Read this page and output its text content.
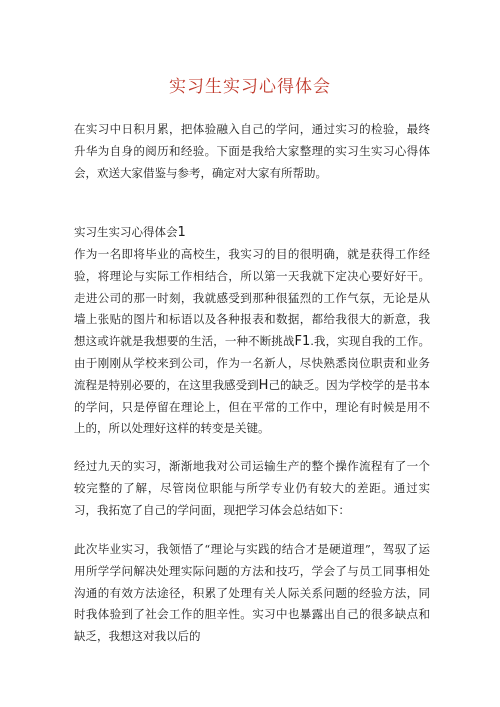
实习生实习心得体会

在实习中日积月累，把体验融入自己的学问，通过实习的检验，最终升华为自身的阅历和经验。下面是我给大家整理的实习生实习心得体会，欢送大家借鉴与参考，确定对大家有所帮助。

实习生实习心得体会1

作为一名即将毕业的高校生，我实习的目的很明确，就是获得工作经验，将理论与实际工作相结合，所以第一天我就下定决心要好好干。走进公司的那一时刻，我就感受到那种很猛烈的工作气氛，无论是从墙上张贴的图片和标语以及各种报表和数据，都给我很大的新意，我想这或许就是我想要的生活，一种不断挑战F1.我，实现自我的工作。由于刚刚从学校来到公司，作为一名新人，尽快熟悉岗位职责和业务流程是特别必要的，在这里我感受到H己的缺乏。因为学校学的是书本的学问，只是停留在理论上，但在平常的工作中，理论有时候是用不上的，所以处理好这样的转变是关键。

经过九天的实习，渐渐地我对公司运输生产的整个操作流程有了一个较完整的了解，尽管岗位职能与所学专业仍有较大的差距。通过实习，我拓宽了自己的学问面，现把学习体会总结如下：

此次毕业实习，我领悟了“理论与实践的结合才是硬道理”，驾驭了运用所学学问解决处理实际问题的方法和技巧，学会了与员工同事相处沟通的有效方法途径，积累了处理有关人际关系问题的经验方法，同时我体验到了社会工作的胆辛性。实习中也暴露出自己的很多缺点和缺乏，我想这对我以后的
